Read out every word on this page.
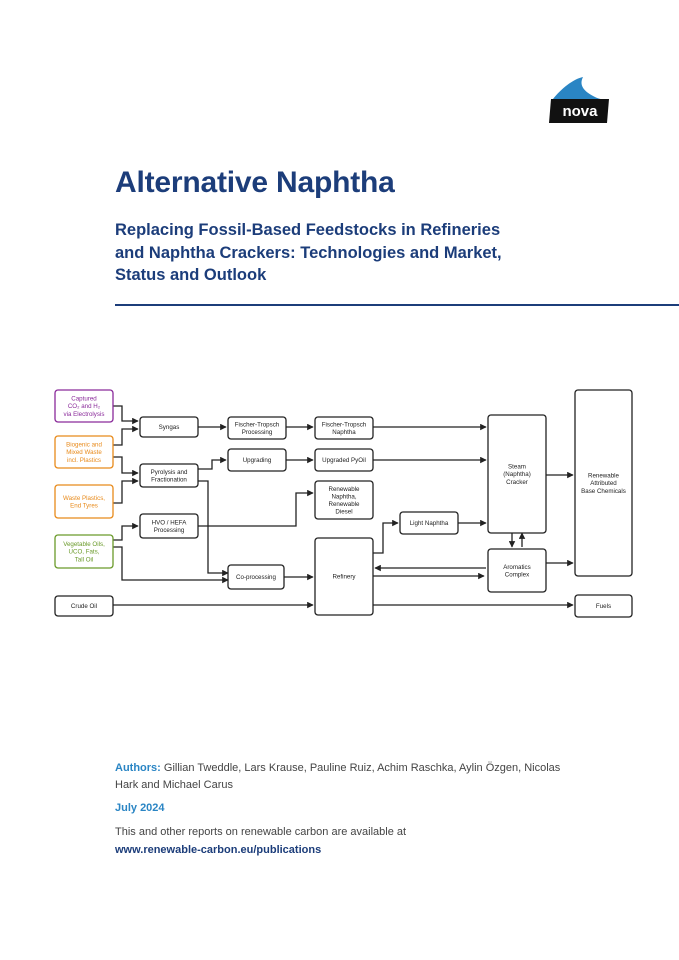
nova
Alternative Naphtha
Replacing Fossil-Based Feedstocks in Refineries
and Naphtha Crackers: Technologies and Market,
Status and Outlook
Captured
CO₂ and H₂
via Electrolysis
Biogenic and
Mixed Waste
incl. Plastics
Waste Plastics,
End Tyres
Vegetable Oils,
UCO, Fats,
Tall Oil
Crude Oil
Syngas
Pyrolysis and
Fractionation
HVO / HEFA
Processing
Fischer-Tropsch
Processing
Upgrading
Co-processing
Fischer-Tropsch
Naphtha
Upgraded PyOil
Renewable
Naphtha,
Renewable
Diesel
Refinery
Light Naphtha
Steam
(Naphtha)
Cracker
Aromatics
Complex
Renewable
Attributed
Base Chemicals
Fuels
Authors: Gillian Tweddle, Lars Krause, Pauline Ruiz, Achim Raschka, Aylin Özgen, Nicolas Hark and Michael Carus
July 2024
This and other reports on renewable carbon are available at
www.renewable-carbon.eu/publications
